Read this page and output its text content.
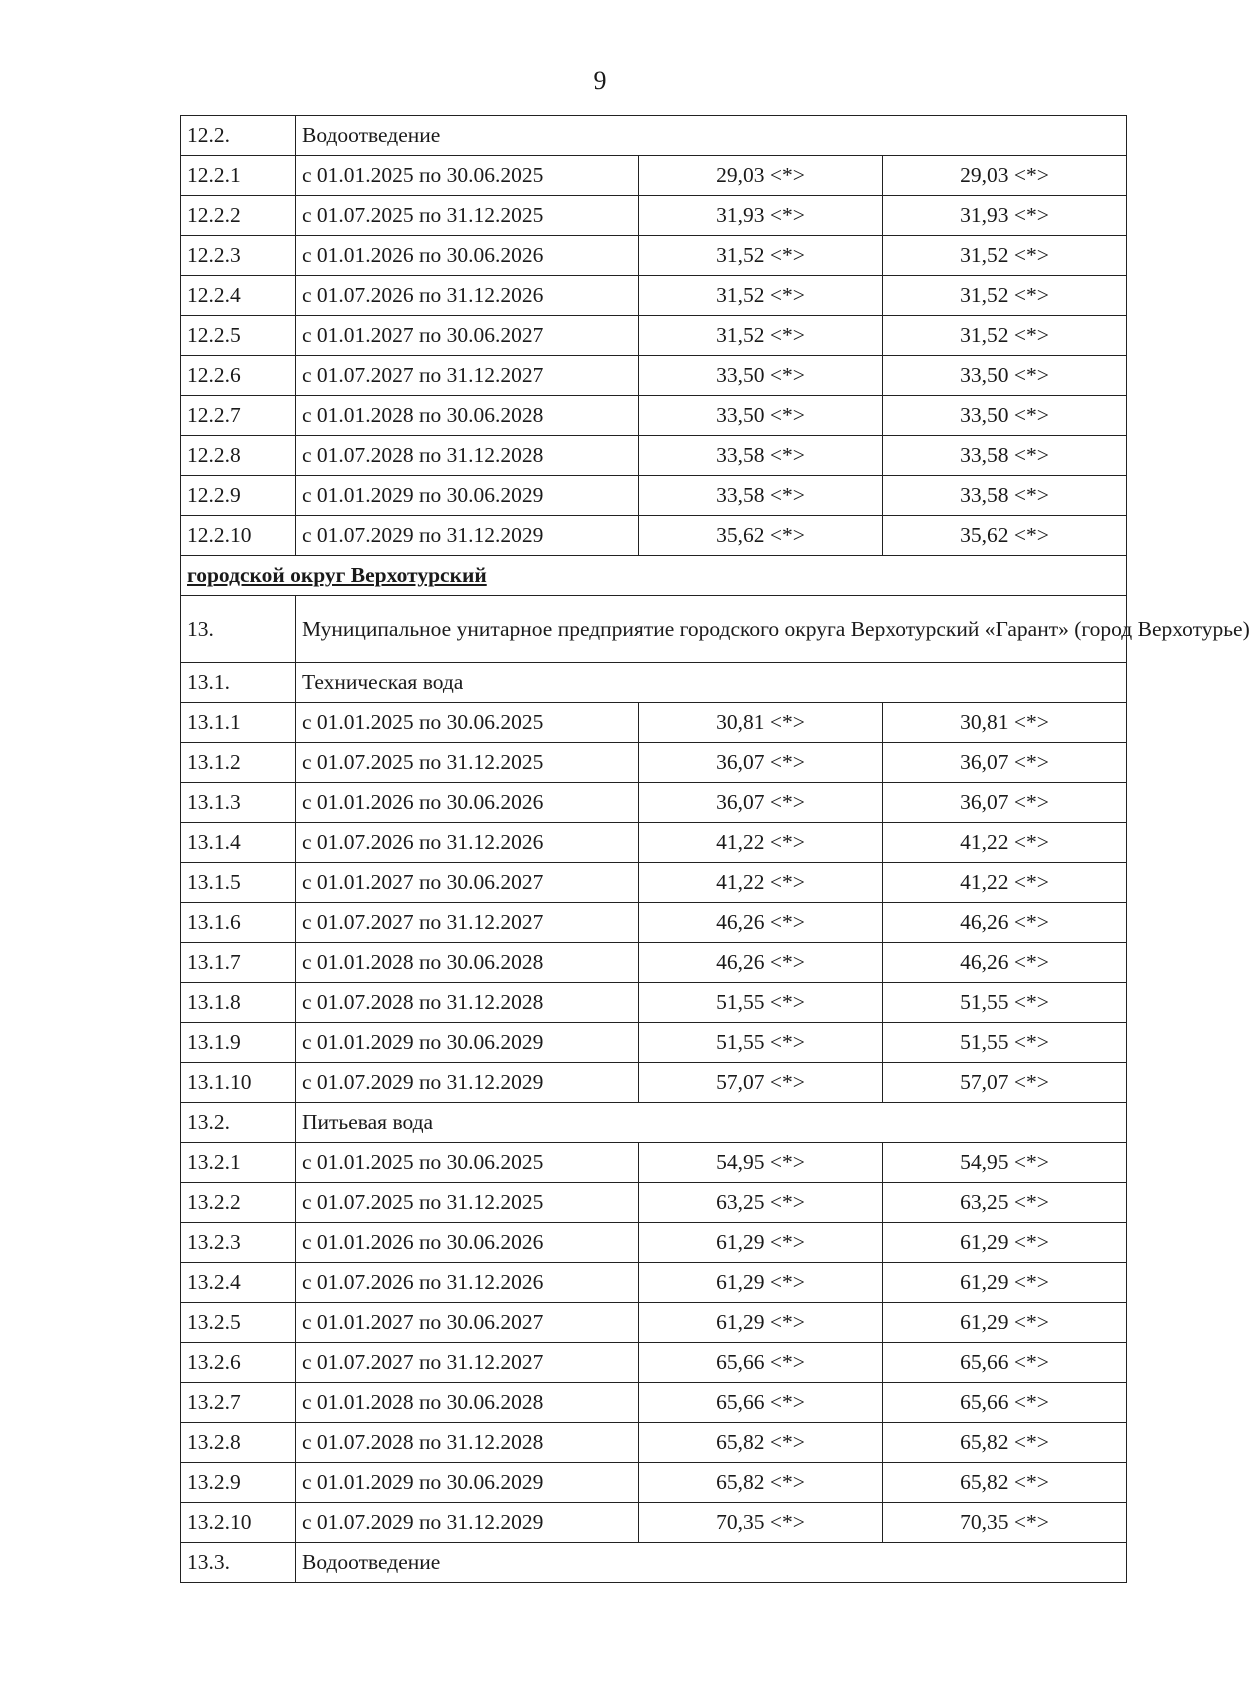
9
12.2.	Водоотведение		
12.2.1	с 01.01.2025 по 30.06.2025	29,03 <*>	29,03 <*>
12.2.2	с 01.07.2025 по 31.12.2025	31,93 <*>	31,93 <*>
12.2.3	с 01.01.2026 по 30.06.2026	31,52 <*>	31,52 <*>
12.2.4	с 01.07.2026 по 31.12.2026	31,52 <*>	31,52 <*>
12.2.5	с 01.01.2027 по 30.06.2027	31,52 <*>	31,52 <*>
12.2.6	с 01.07.2027 по 31.12.2027	33,50 <*>	33,50 <*>
12.2.7	с 01.01.2028 по 30.06.2028	33,50 <*>	33,50 <*>
12.2.8	с 01.07.2028 по 31.12.2028	33,58 <*>	33,58 <*>
12.2.9	с 01.01.2029 по 30.06.2029	33,58 <*>	33,58 <*>
12.2.10	с 01.07.2029 по 31.12.2029	35,62 <*>	35,62 <*>
городской округ Верхотурский			
13.	Муниципальное унитарное предприятие городского округа Верхотурский «Гарант» (город Верхотурье)		
13.1.	Техническая вода		
13.1.1	с 01.01.2025 по 30.06.2025	30,81 <*>	30,81 <*>
13.1.2	с 01.07.2025 по 31.12.2025	36,07 <*>	36,07 <*>
13.1.3	с 01.01.2026 по 30.06.2026	36,07 <*>	36,07 <*>
13.1.4	с 01.07.2026 по 31.12.2026	41,22 <*>	41,22 <*>
13.1.5	с 01.01.2027 по 30.06.2027	41,22 <*>	41,22 <*>
13.1.6	с 01.07.2027 по 31.12.2027	46,26 <*>	46,26 <*>
13.1.7	с 01.01.2028 по 30.06.2028	46,26 <*>	46,26 <*>
13.1.8	с 01.07.2028 по 31.12.2028	51,55 <*>	51,55 <*>
13.1.9	с 01.01.2029 по 30.06.2029	51,55 <*>	51,55 <*>
13.1.10	с 01.07.2029 по 31.12.2029	57,07 <*>	57,07 <*>
13.2.	Питьевая вода		
13.2.1	с 01.01.2025 по 30.06.2025	54,95 <*>	54,95 <*>
13.2.2	с 01.07.2025 по 31.12.2025	63,25 <*>	63,25 <*>
13.2.3	с 01.01.2026 по 30.06.2026	61,29 <*>	61,29 <*>
13.2.4	с 01.07.2026 по 31.12.2026	61,29 <*>	61,29 <*>
13.2.5	с 01.01.2027 по 30.06.2027	61,29 <*>	61,29 <*>
13.2.6	с 01.07.2027 по 31.12.2027	65,66 <*>	65,66 <*>
13.2.7	с 01.01.2028 по 30.06.2028	65,66 <*>	65,66 <*>
13.2.8	с 01.07.2028 по 31.12.2028	65,82 <*>	65,82 <*>
13.2.9	с 01.01.2029 по 30.06.2029	65,82 <*>	65,82 <*>
13.2.10	с 01.07.2029 по 31.12.2029	70,35 <*>	70,35 <*>
13.3.	Водоотведение		
